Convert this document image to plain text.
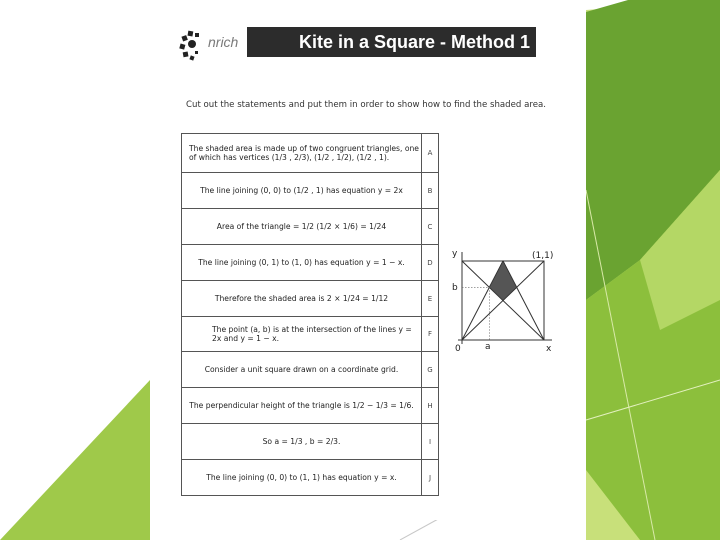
nrich	Kite in a Square - Method 1
Cut out the statements and put them in order to show how to find the shaded area.
The shaded area is made up of two congruent triangles, one of which has vertices (1/3 , 2/3), (1/2 , 1/2), (1/2 , 1).	A
The line joining (0, 0) to (1/2 , 1) has equation y = 2x	B
Area of the triangle = 1/2 (1/2 × 1/6) = 1/24	C
The line joining (0, 1) to (1, 0) has equation y = 1 − x.	D
Therefore the shaded area is 2 × 1/24 = 1/12	E
The point (a, b) is at the intersection of the lines y = 2x and y = 1 − x.	F
Consider a unit square drawn on a coordinate grid.	G
The perpendicular height of the triangle is 1/2 − 1/3 = 1/6.	H
So a = 1/3 , b = 2/3.	I
The line joining (0, 0) to (1, 1) has equation y = x.	J
y
x
(1,1)
0	a
b
